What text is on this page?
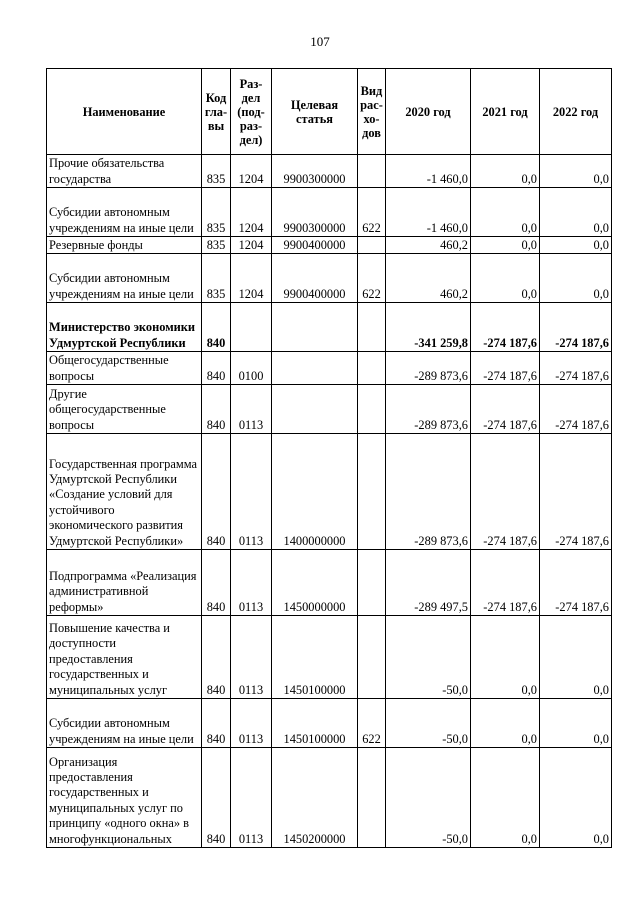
107
Наименование	Код гла-вы	Раз-дел (под-раз-дел)	Целевая статья	Вид рас-хо-дов	2020 год	2021 год	2022 год
Прочие обязательства государства	835	1204	9900300000		-1 460,0	0,0	0,0
Субсидии автономным учреждениям на иные цели	835	1204	9900300000	622	-1 460,0	0,0	0,0
Резервные фонды	835	1204	9900400000		460,2	0,0	0,0
Субсидии автономным учреждениям на иные цели	835	1204	9900400000	622	460,2	0,0	0,0
Министерство экономики Удмуртской Республики	840				-341 259,8	-274 187,6	-274 187,6
Общегосударственные вопросы	840	0100			-289 873,6	-274 187,6	-274 187,6
Другие общегосударственные вопросы	840	0113			-289 873,6	-274 187,6	-274 187,6
Государственная программа Удмуртской Республики «Создание условий для устойчивого экономического развития Удмуртской Республики»	840	0113	1400000000		-289 873,6	-274 187,6	-274 187,6
Подпрограмма «Реализация административной реформы»	840	0113	1450000000		-289 497,5	-274 187,6	-274 187,6
Повышение качества и доступности предоставления государственных и муниципальных услуг	840	0113	1450100000		-50,0	0,0	0,0
Субсидии автономным учреждениям на иные цели	840	0113	1450100000	622	-50,0	0,0	0,0
Организация предоставления государственных и муниципальных услуг по принципу «одного окна» в многофункциональных	840	0113	1450200000		-50,0	0,0	0,0
